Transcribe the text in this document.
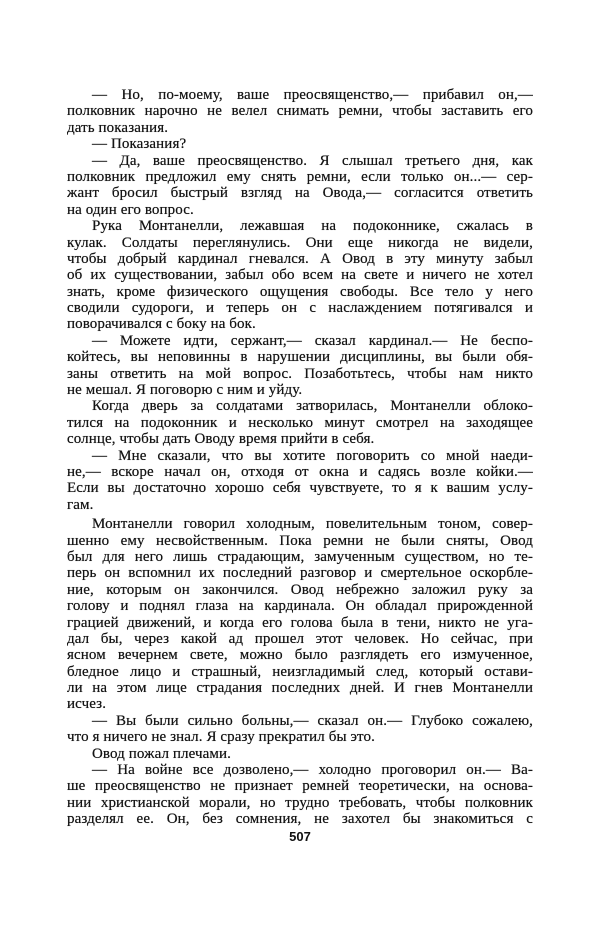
— Но, по-моему, ваше преосвященство,— прибавил он,—
полковник нарочно не велел снимать ремни, чтобы заставить его
дать показания.
— Показания?
— Да, ваше преосвященство. Я слышал третьего дня, как
полковник предложил ему снять ремни, если только он...— сер-
жант бросил быстрый взгляд на Овода,— согласится ответить
на один его вопрос.
Рука Монтанелли, лежавшая на подоконнике, сжалась в
кулак. Солдаты переглянулись. Они еще никогда не видели,
чтобы добрый кардинал гневался. А Овод в эту минуту забыл
об их существовании, забыл обо всем на свете и ничего не хотел
знать, кроме физического ощущения свободы. Все тело у него
сводили судороги, и теперь он с наслаждением потягивался и
поворачивался с боку на бок.
— Можете идти, сержант,— сказал кардинал.— Не беспо-
койтесь, вы неповинны в нарушении дисциплины, вы были обя-
заны ответить на мой вопрос. Позаботьтесь, чтобы нам никто
не мешал. Я поговорю с ним и уйду.
Когда дверь за солдатами затворилась, Монтанелли облоко-
тился на подоконник и несколько минут смотрел на заходящее
солнце, чтобы дать Оводу время прийти в себя.
— Мне сказали, что вы хотите поговорить со мной наеди-
не,— вскоре начал он, отходя от окна и садясь возле койки.—
Если вы достаточно хорошо себя чувствуете, то я к вашим услу-
гам.
Монтанелли говорил холодным, повелительным тоном, совер-
шенно ему несвойственным. Пока ремни не были сняты, Овод
был для него лишь страдающим, замученным существом, но те-
перь он вспомнил их последний разговор и смертельное оскорбле-
ние, которым он закончился. Овод небрежно заложил руку за
голову и поднял глаза на кардинала. Он обладал прирожденной
грацией движений, и когда его голова была в тени, никто не уга-
дал бы, через какой ад прошел этот человек. Но сейчас, при
ясном вечернем свете, можно было разглядеть его измученное,
бледное лицо и страшный, неизгладимый след, который остави-
ли на этом лице страдания последних дней. И гнев Монтанелли
исчез.
— Вы были сильно больны,— сказал он.— Глубоко сожалею,
что я ничего не знал. Я сразу прекратил бы это.
Овод пожал плечами.
— На войне все дозволено,— холодно проговорил он.— Ва-
ше преосвященство не признает ремней теоретически, на основа-
нии христианской морали, но трудно требовать, чтобы полковник
разделял ее. Он, без сомнения, не захотел бы знакомиться с
507
